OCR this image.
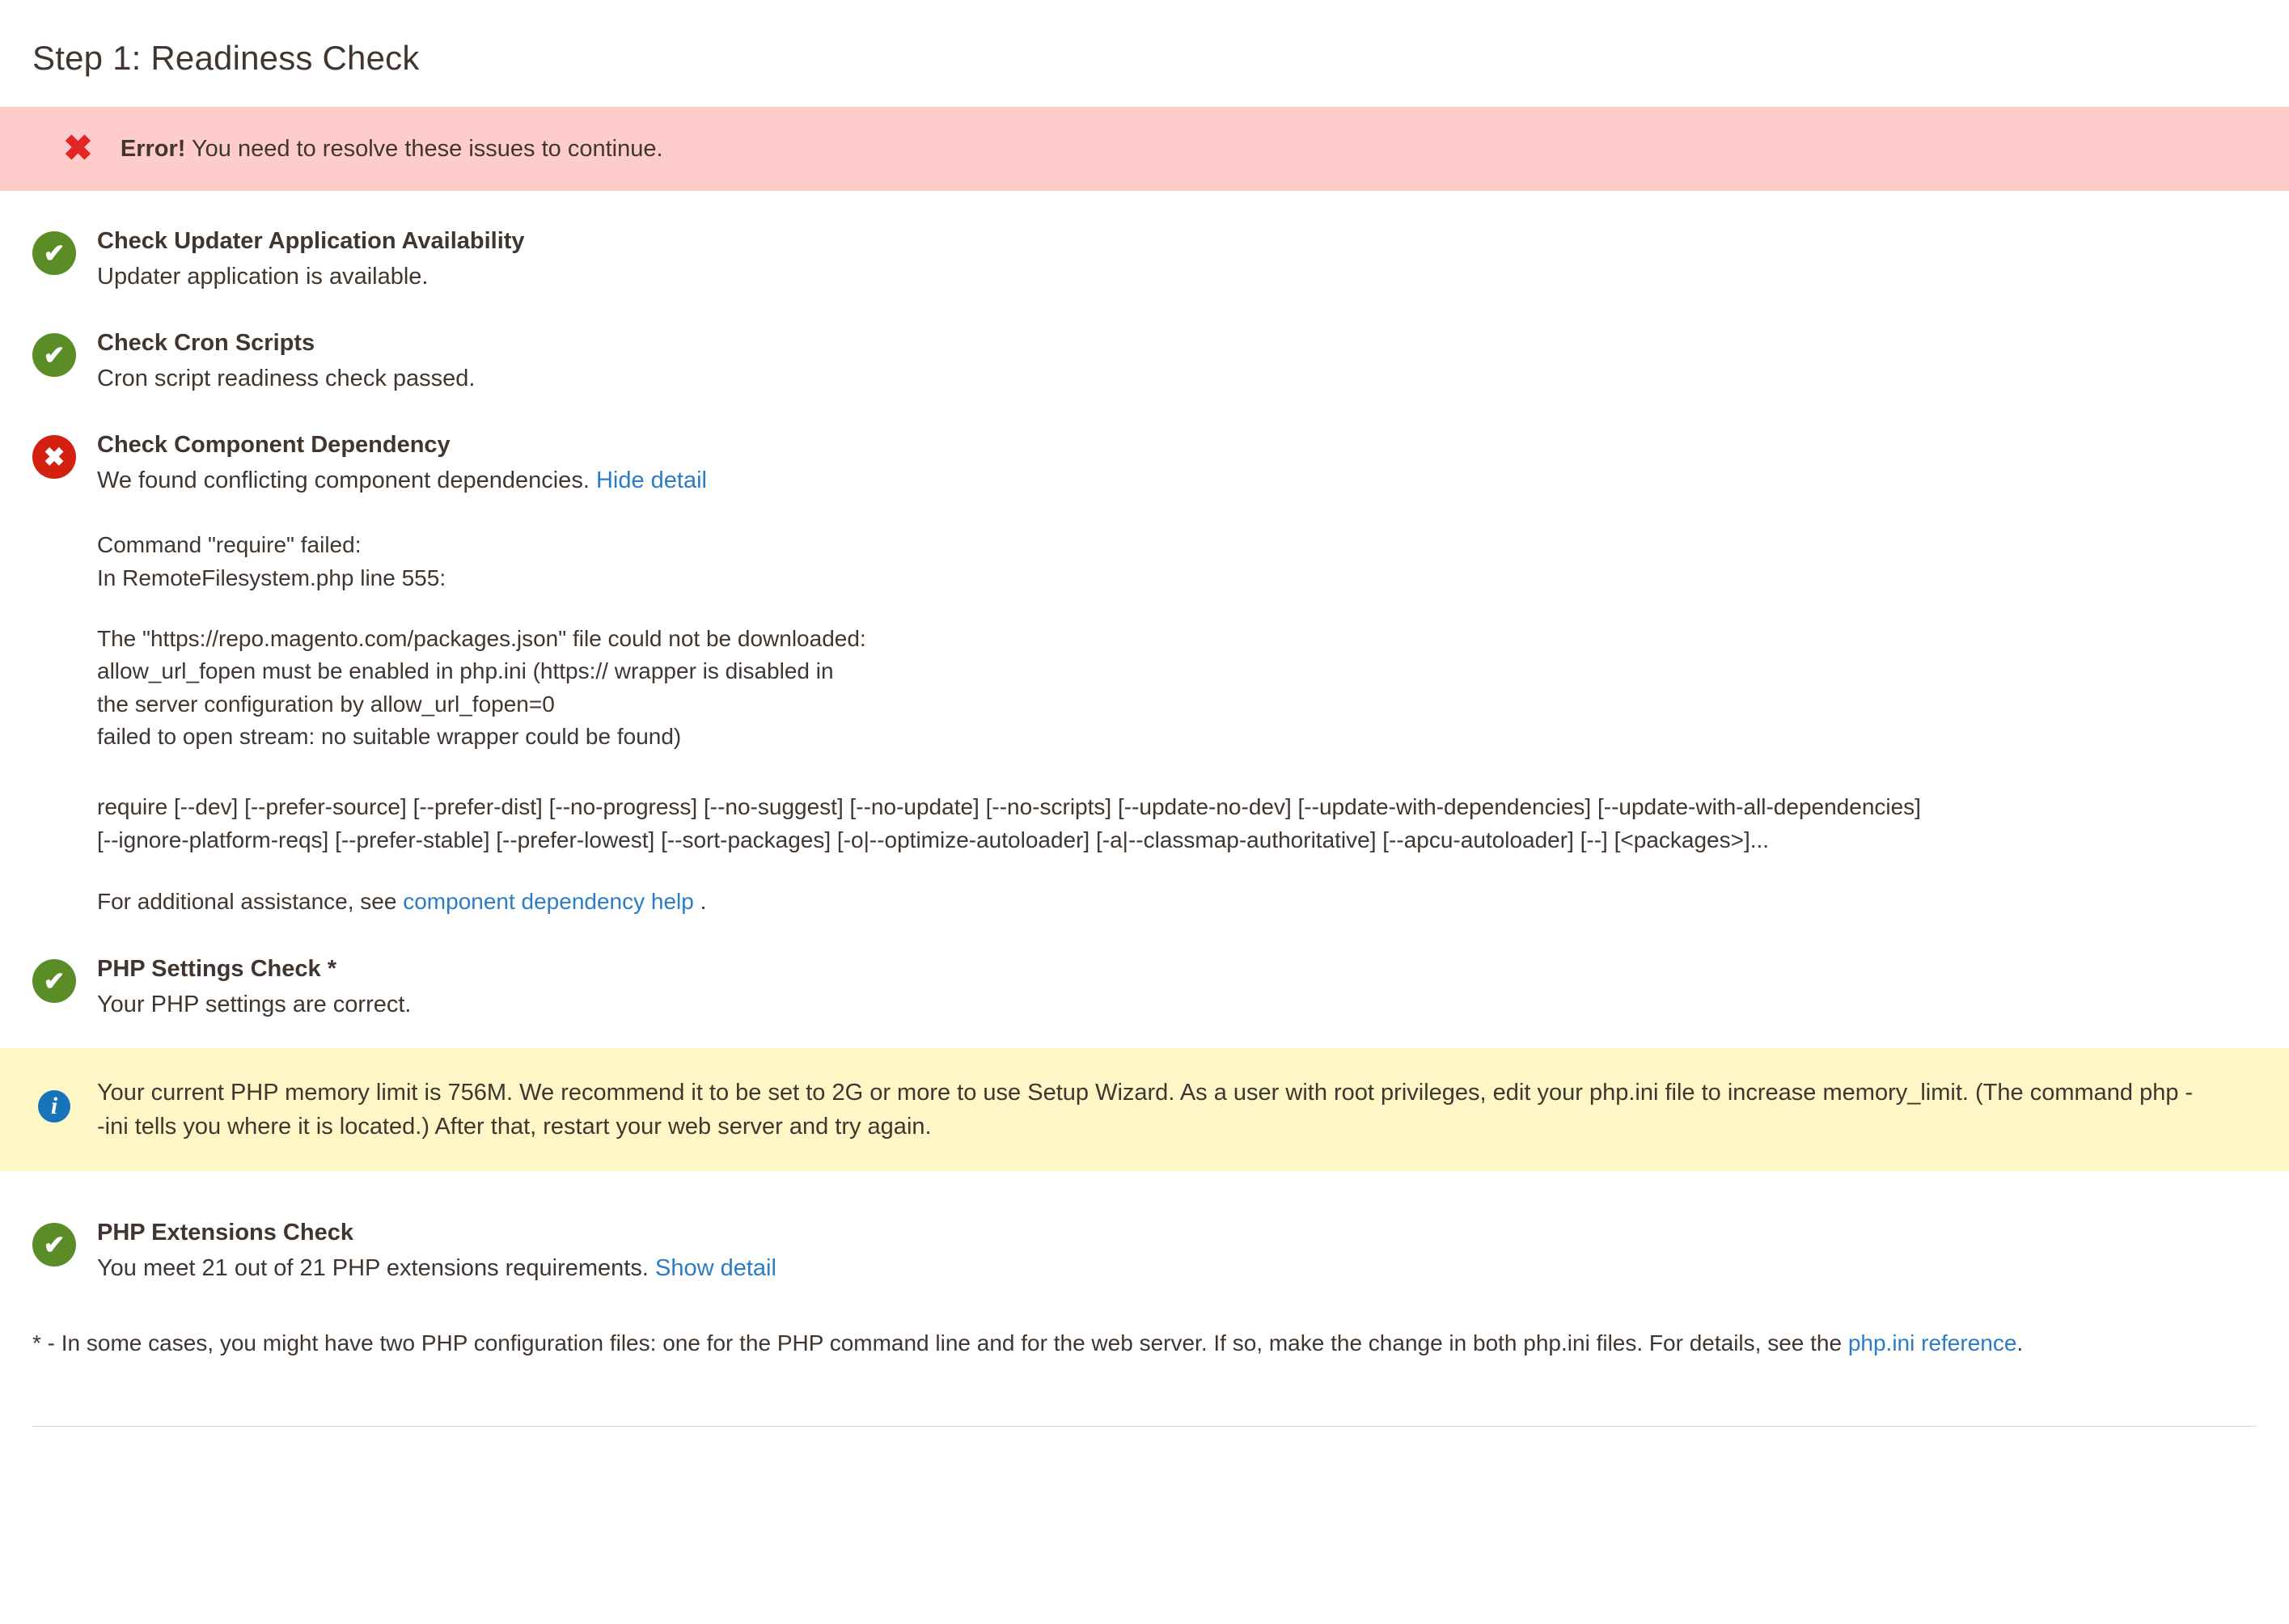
Step 1: Readiness Check
✖ Error! You need to resolve these issues to continue.
✔	Check Updater Application Availability
Updater application is available.
✔	Check Cron Scripts
Cron script readiness check passed.
✖	Check Component Dependency
We found conflicting component dependencies. Hide detail

Command "require" failed:
In RemoteFilesystem.php line 555:

The "https://repo.magento.com/packages.json" file could not be downloaded:
allow_url_fopen must be enabled in php.ini (https:// wrapper is disabled in
the server configuration by allow_url_fopen=0
failed to open stream: no suitable wrapper could be found)

require [--dev] [--prefer-source] [--prefer-dist] [--no-progress] [--no-suggest] [--no-update] [--no-scripts] [--update-no-dev] [--update-with-dependencies] [--update-with-all-dependencies] [--ignore-platform-reqs] [--prefer-stable] [--prefer-lowest] [--sort-packages] [-o|--optimize-autoloader] [-a|--classmap-authoritative] [--apcu-autoloader] [--] [<packages>]...

For additional assistance, see component dependency help .

✔	PHP Settings Check *
Your PHP settings are correct.
i	Your current PHP memory limit is 756M. We recommend it to be set to 2G or more to use Setup Wizard. As a user with root privileges, edit your php.ini file to increase memory_limit. (The command php --ini tells you where it is located.) After that, restart your web server and try again.
✔	PHP Extensions Check
You meet 21 out of 21 PHP extensions requirements. Show detail
* - In some cases, you might have two PHP configuration files: one for the PHP command line and for the web server. If so, make the change in both php.ini files. For details, see the php.ini reference.
